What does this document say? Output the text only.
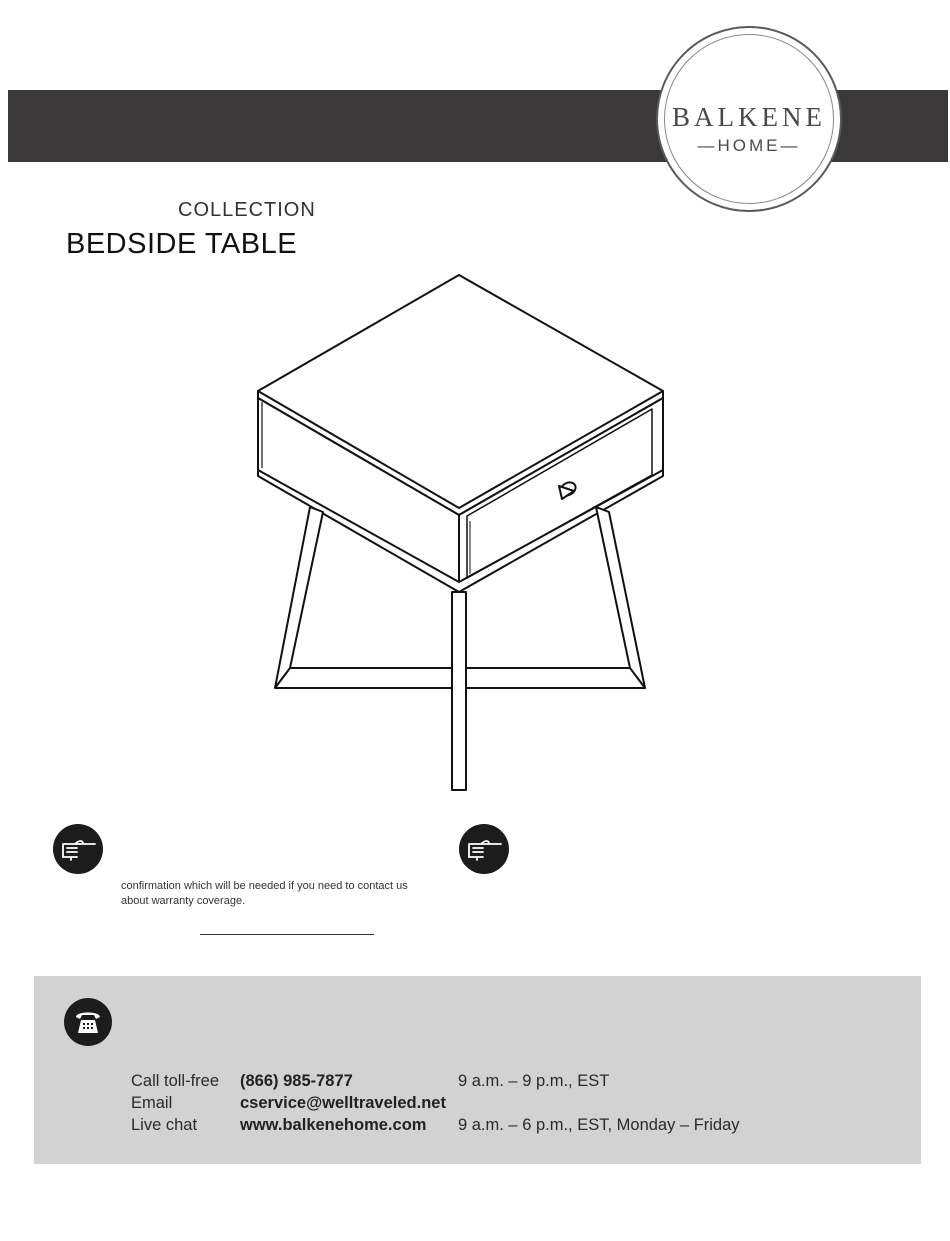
BALKENE
—HOME—
COLLECTION
BEDSIDE TABLE
confirmation which will be needed if you need to contact us about warranty coverage.
Call toll-free (866) 985-7877	9 a.m. – 9 p.m., EST
Email	cservice@welltraveled.net
Live chat	www.balkenehome.com 9 a.m. – 6 p.m., EST, Monday – Friday
